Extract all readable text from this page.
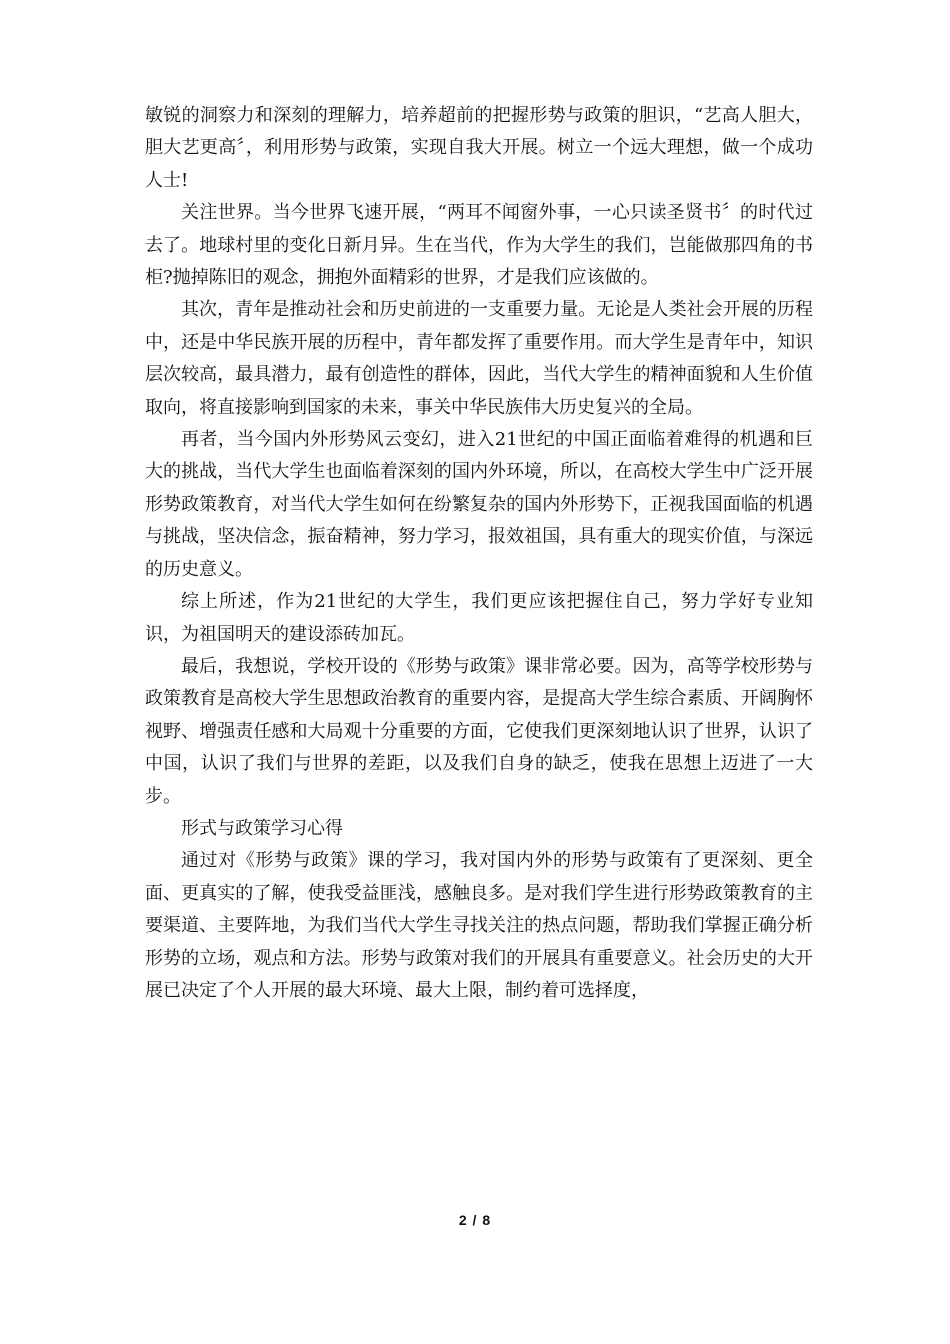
敏锐的洞察力和深刻的理解力，培养超前的把握形势与政策的胆识，“艺高人胆大，胆大艺更高〞，利用形势与政策，实现自我大开展。树立一个远大理想，做一个成功人士!

关注世界。当今世界飞速开展，“两耳不闻窗外事，一心只读圣贤书〞的时代过去了。地球村里的变化日新月异。生在当代，作为大学生的我们，岂能做那四角的书柜?抛掉陈旧的观念，拥抱外面精彩的世界，才是我们应该做的。

其次，青年是推动社会和历史前进的一支重要力量。无论是人类社会开展的历程中，还是中华民族开展的历程中，青年都发挥了重要作用。而大学生是青年中，知识层次较高，最具潜力，最有创造性的群体，因此，当代大学生的精神面貌和人生价值取向，将直接影响到国家的未来，事关中华民族伟大历史复兴的全局。

再者，当今国内外形势风云变幻，进入21世纪的中国正面临着难得的机遇和巨大的挑战，当代大学生也面临着深刻的国内外环境，所以，在高校大学生中广泛开展形势政策教育，对当代大学生如何在纷繁复杂的国内外形势下，正视我国面临的机遇与挑战，坚决信念，振奋精神，努力学习，报效祖国，具有重大的现实价值，与深远的历史意义。

综上所述，作为21世纪的大学生，我们更应该把握住自己，努力学好专业知识，为祖国明天的建设添砖加瓦。

最后，我想说，学校开设的《形势与政策》课非常必要。因为，高等学校形势与政策教育是高校大学生思想政治教育的重要内容，是提高大学生综合素质、开阔胸怀视野、增强责任感和大局观十分重要的方面，它使我们更深刻地认识了世界，认识了中国，认识了我们与世界的差距，以及我们自身的缺乏，使我在思想上迈进了一大步。

形式与政策学习心得

通过对《形势与政策》课的学习，我对国内外的形势与政策有了更深刻、更全面、更真实的了解，使我受益匪浅，感触良多。是对我们学生进行形势政策教育的主要渠道、主要阵地，为我们当代大学生寻找关注的热点问题，帮助我们掌握正确分析形势的立场，观点和方法。形势与政策对我们的开展具有重要意义。社会历史的大开展已决定了个人开展的最大环境、最大上限，制约着可选择度，

2 / 8
